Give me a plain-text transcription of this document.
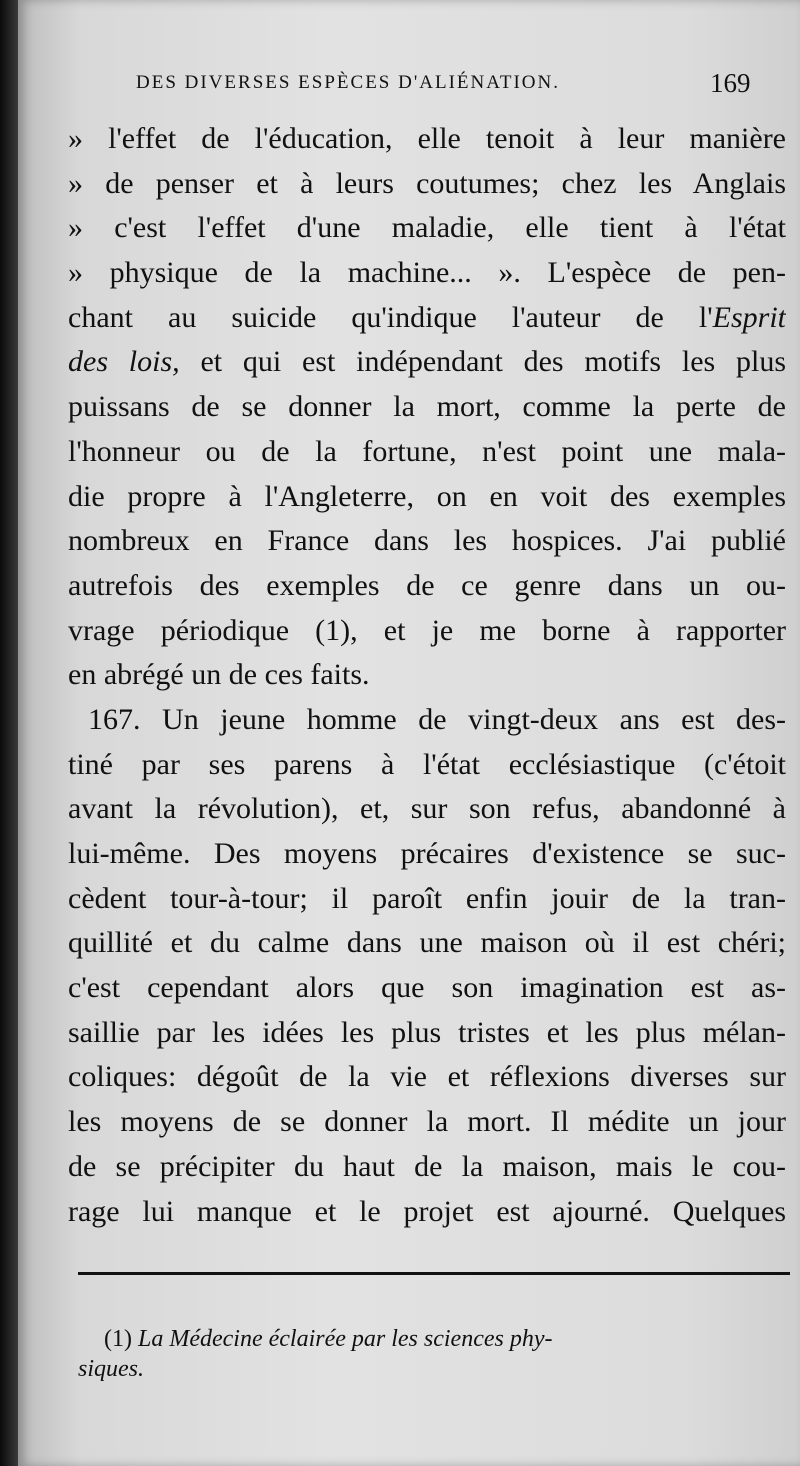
DES DIVERSES ESPÈCES D'ALIÉNATION.	169
» l'effet de l'éducation, elle tenoit à leur manière
» de penser et à leurs coutumes; chez les Anglais
» c'est l'effet d'une maladie, elle tient à l'état
» physique de la machine... ». L'espèce de pen-
chant au suicide qu'indique l'auteur de l'Esprit
des lois, et qui est indépendant des motifs les plus
puissans de se donner la mort, comme la perte de
l'honneur ou de la fortune, n'est point une mala-
die propre à l'Angleterre, on en voit des exemples
nombreux en France dans les hospices. J'ai publié
autrefois des exemples de ce genre dans un ou-
vrage périodique (1), et je me borne à rapporter
en abrégé un de ces faits.
167. Un jeune homme de vingt-deux ans est des-
tiné par ses parens à l'état ecclésiastique (c'étoit
avant la révolution), et, sur son refus, abandonné à
lui-même. Des moyens précaires d'existence se suc-
cèdent tour-à-tour; il paroît enfin jouir de la tran-
quillité et du calme dans une maison où il est chéri;
c'est cependant alors que son imagination est as-
saillie par les idées les plus tristes et les plus mélan-
coliques: dégoût de la vie et réflexions diverses sur
les moyens de se donner la mort. Il médite un jour
de se précipiter du haut de la maison, mais le cou-
rage lui manque et le projet est ajourné. Quelques
(1) La Médecine éclairée par les sciences phy-
siques.
